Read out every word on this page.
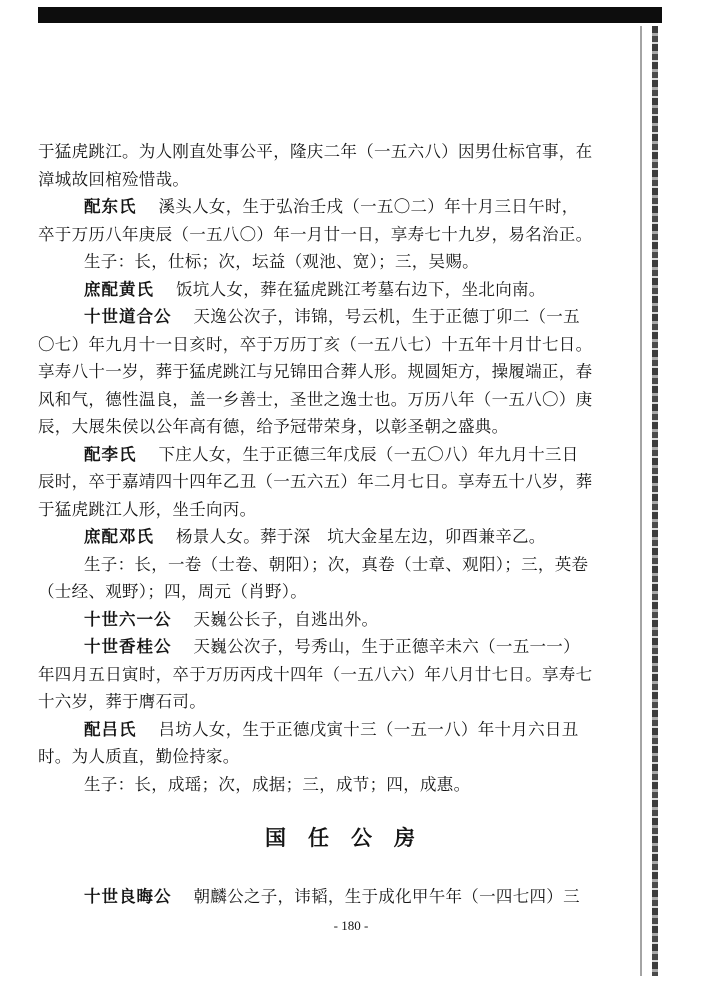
于猛虎跳江。为人刚直处事公平，隆庆二年（一五六八）因男仕标官事，在
漳城故回棺殓惜哉。
配东氏 溪头人女，生于弘治壬戌（一五〇二）年十月三日午时，
卒于万历八年庚辰（一五八〇）年一月廿一日，享寿七十九岁，易名治正。
生子：长，仕标；次，坛益（观池、宽）；三，吴赐。
庶配黄氏 饭坑人女，葬在猛虎跳江考墓右边下，坐北向南。
十世道合公 天逸公次子，讳锦，号云机，生于正德丁卯二（一五
〇七）年九月十一日亥时，卒于万历丁亥（一五八七）十五年十月廿七日。
享寿八十一岁，葬于猛虎跳江与兄锦田合葬人形。规圆矩方，操履端正，春
风和气，德性温良，盖一乡善士，圣世之逸士也。万历八年（一五八〇）庚
辰，大展朱侯以公年高有德，给予冠带荣身，以彰圣朝之盛典。
配李氏 下庄人女，生于正德三年戊辰（一五〇八）年九月十三日
辰时，卒于嘉靖四十四年乙丑（一五六五）年二月七日。享寿五十八岁，葬
于猛虎跳江人形，坐壬向丙。
庶配邓氏 杨景人女。葬于深　坑大金星左边，卯酉兼辛乙。
生子：长，一卷（士卷、朝阳）；次，真卷（士章、观阳）；三，英卷
（士经、观野）；四，周元（肖野）。
十世六一公 天巍公长子，自逃出外。
十世香桂公 天巍公次子，号秀山，生于正德辛未六（一五一一）
年四月五日寅时，卒于万历丙戌十四年（一五八六）年八月廿七日。享寿七
十六岁，葬于膺石司。
配吕氏 吕坊人女，生于正德戊寅十三（一五一八）年十月六日丑
时。为人质直，勤俭持家。
生子：长，成瑶；次，成据；三，成节；四，成惠。
国任公房
十世良晦公 朝麟公之子，讳韬，生于成化甲午年（一四七四）三
- 180 -
